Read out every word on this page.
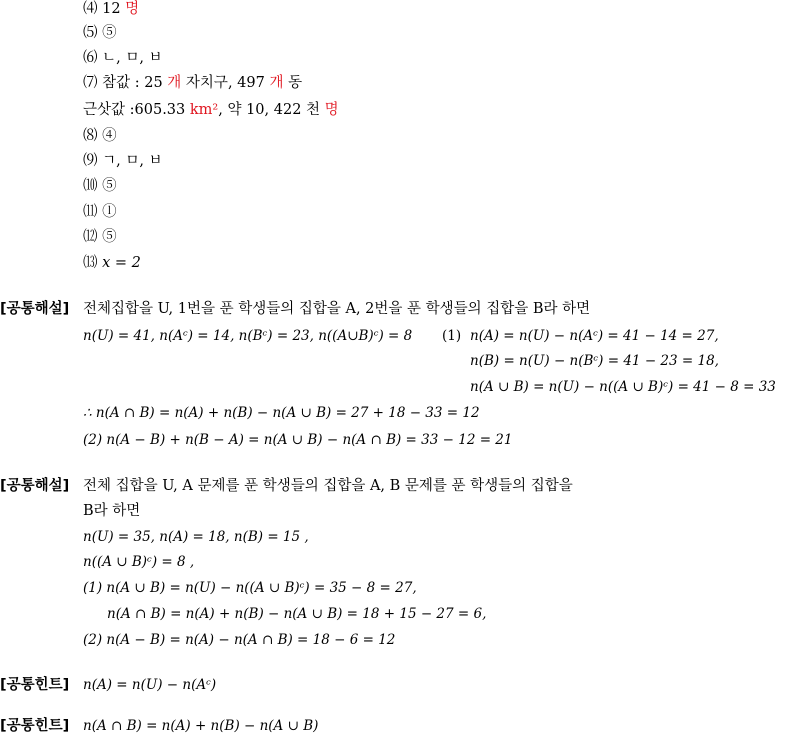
⑷ 12 명
⑸ ⑤
⑹ ㄴ, ㅁ, ㅂ
⑺ 참값 : 25 개 자치구, 497 개 동
근삿값 :605.33 km², 약 10, 422 천 명
⑻ ④
⑼ ㄱ, ㅁ, ㅂ
⑽ ⑤
⑾ ⓛ
⑿ ⑤
⒀ x = 2
[공통해설] 전체집합을 U, 1번을 푼 학생들의 집합을 A, 2번을 푼 학생들의 집합을 B라 하면
n(U) = 41, n(Aᶜ) = 14, n(Bᶜ) = 23, n((A∪B)ᶜ) = 8 (1) n(A) = n(U) − n(Aᶜ) = 41 − 14 = 27,
n(B) = n(U) − n(Bᶜ) = 41 − 23 = 18,
n(A ∪ B) = n(U) − n((A ∪ B)ᶜ) = 41 − 8 = 33
∴ n(A ∩ B) = n(A) + n(B) − n(A ∪ B) = 27 + 18 − 33 = 12
(2) n(A − B) + n(B − A) = n(A ∪ B) − n(A ∩ B) = 33 − 12 = 21
[공통해설] 전체 집합을 U, A 문제를 푼 학생들의 집합을 A, B 문제를 푼 학생들의 집합을
B라 하면
n(U) = 35, n(A) = 18, n(B) = 15 ,
n((A ∪ B)ᶜ) = 8 ,
(1) n(A ∪ B) = n(U) − n((A ∪ B)ᶜ) = 35 − 8 = 27,
n(A ∩ B) = n(A) + n(B) − n(A ∪ B) = 18 + 15 − 27 = 6,
(2) n(A − B) = n(A) − n(A ∩ B) = 18 − 6 = 12
[공통힌트] n(A) = n(U) − n(Aᶜ)
[공통힌트] n(A ∩ B) = n(A) + n(B) − n(A ∪ B)
